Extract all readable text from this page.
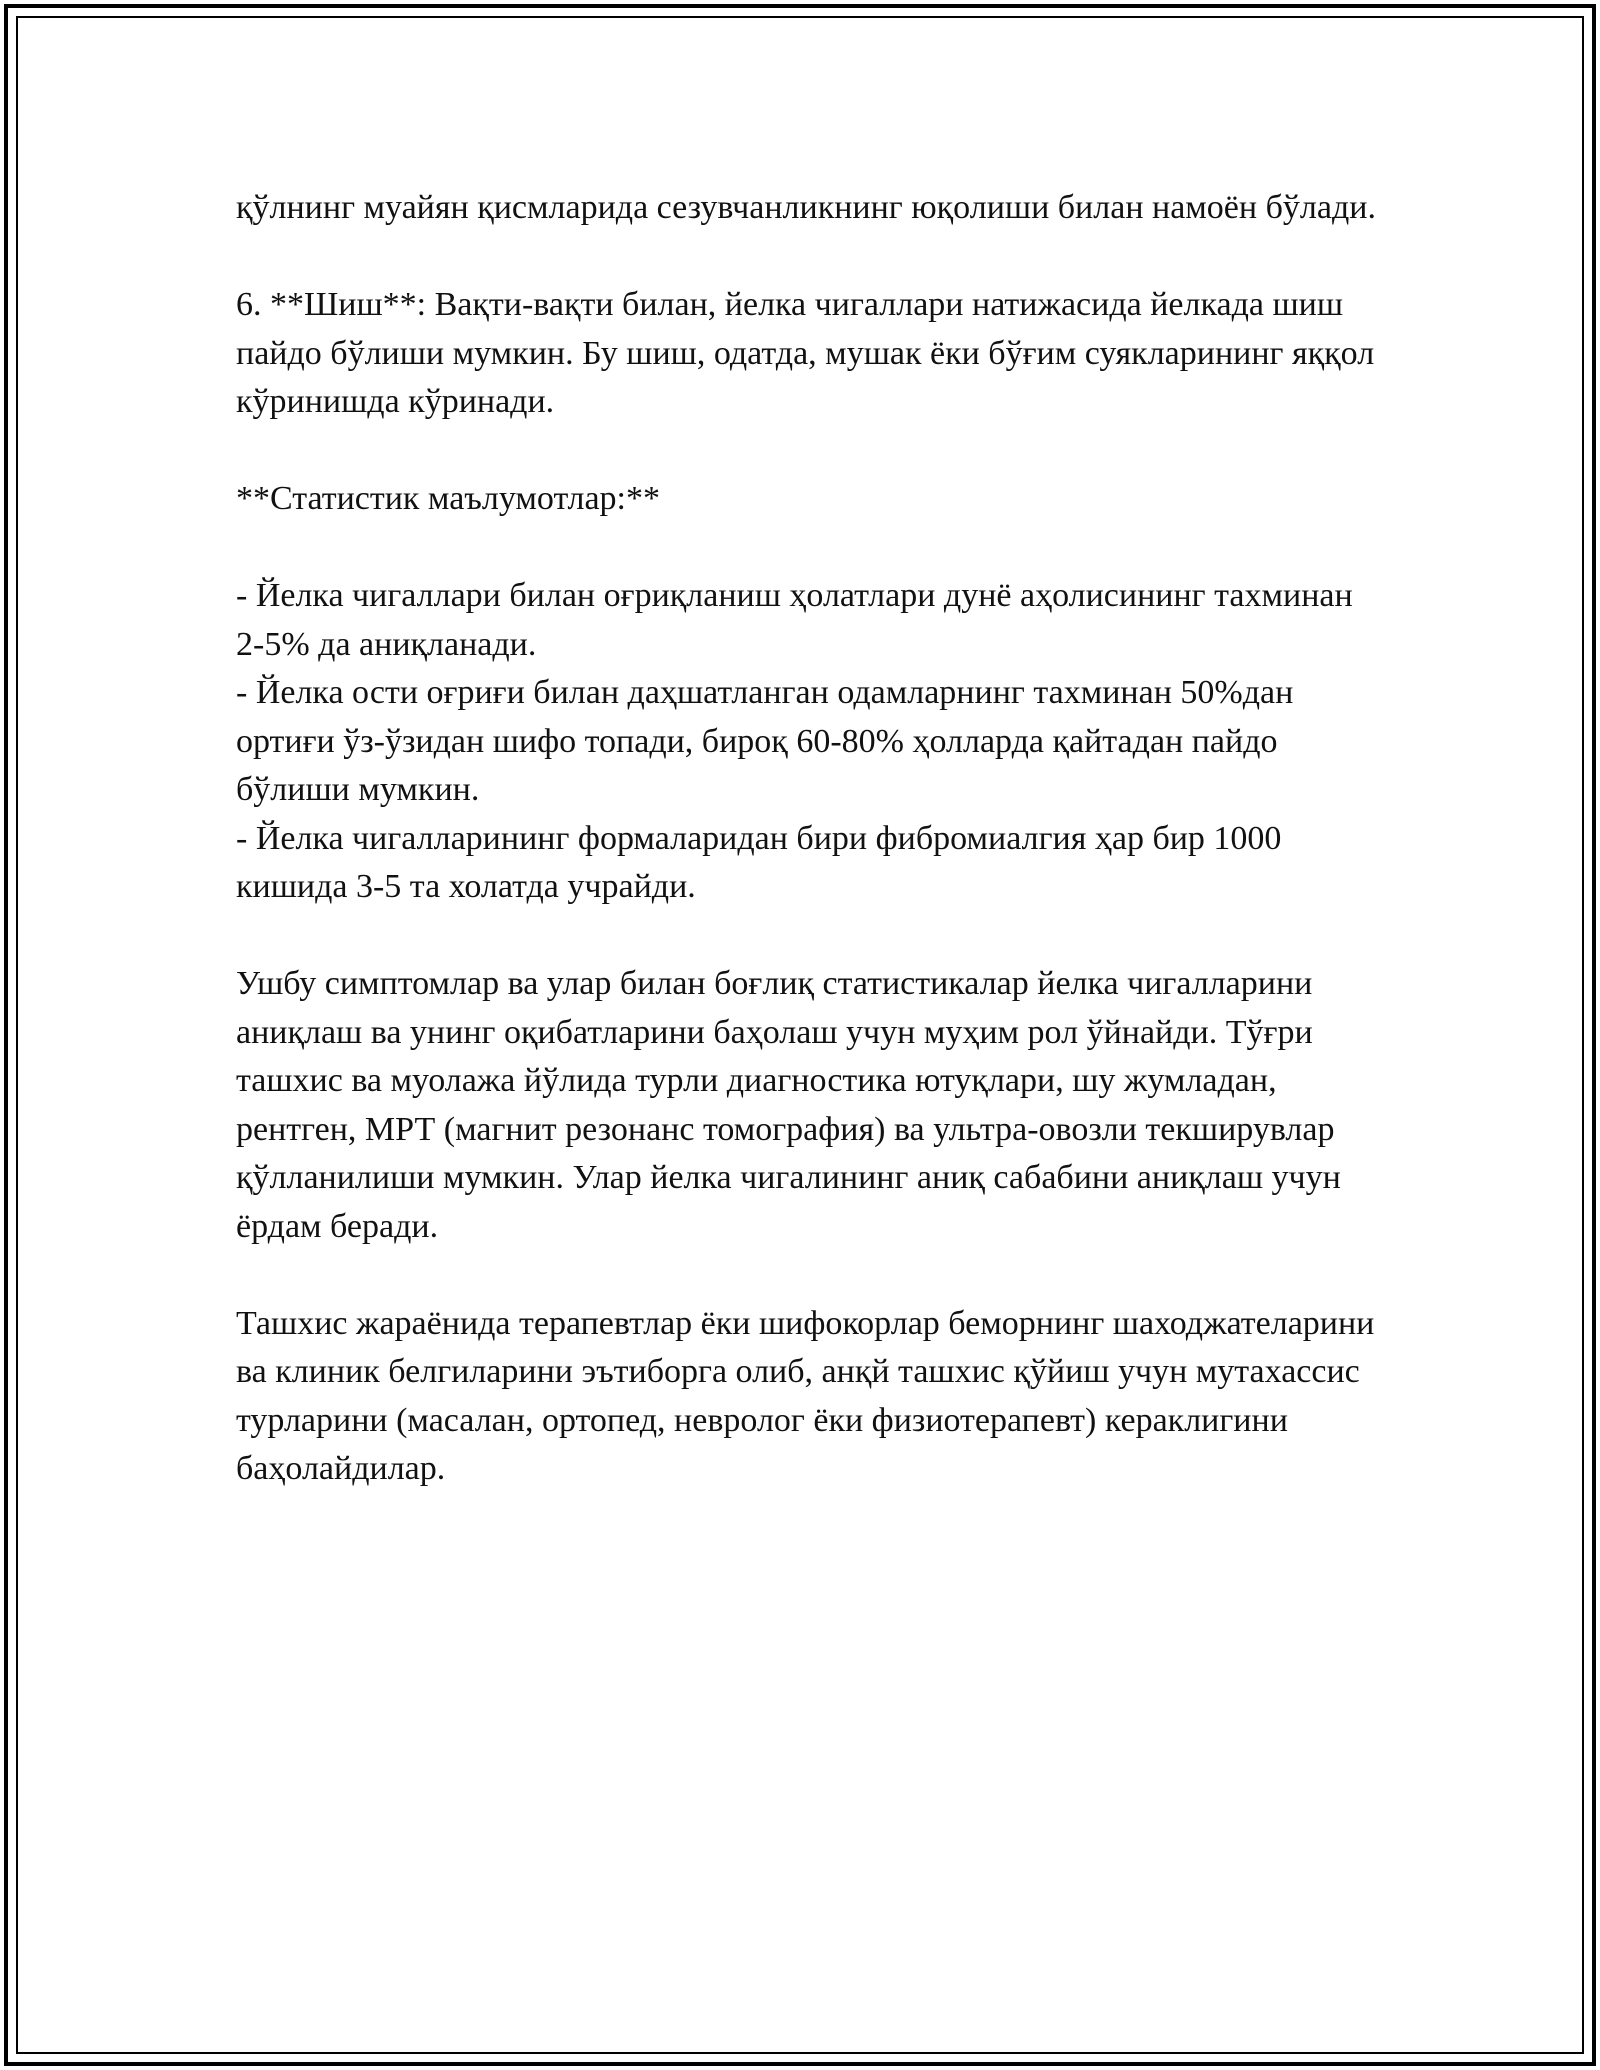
қўлнинг муайян қисмларида сезувчанликнинг юқолиши билан намоён бўлади.

6. **Шиш**: Вақти-вақти билан, йелка чигаллари натижасида йелкада шиш пайдо бўлиши мумкин. Бу шиш, одатда, мушак ёки бўғим суякларининг яққол кўринишда кўринади.

**Статистик маълумотлар:**

- Йелка чигаллари билан оғриқланиш ҳолатлари дунё аҳолисининг тахминан 2-5% да аниқланади.

- Йелка ости оғриғи билан даҳшатланган одамларнинг тахминан 50%дан ортиғи ўз-ўзидан шифо топади, бироқ 60-80% ҳолларда қайтадан пайдо бўлиши мумкин.

- Йелка чигалларининг формаларидан бири фибромиалгия ҳар бир 1000 кишида 3-5 та холатда учрайди.

Ушбу симптомлар ва улар билан боғлиқ статистикалар йелка чигалларини аниқлаш ва унинг оқибатларини баҳолаш учун муҳим рол ўйнайди. Тўғри ташхис ва муолажа йўлида турли диагностика ютуқлари, шу жумладан, рентген, МРТ (магнит резонанс томография) ва ультра-овозли текширувлар қўлланилиши мумкин. Улар йелка чигалининг аниқ сабабини аниқлаш учун ёрдам беради.

Ташхис жараёнида терапевтлар ёки шифокорлар беморнинг шаходжателарини ва клиник белгиларини эътиборга олиб, анқй ташхис қўйиш учун мутахассис турларини (масалан, ортопед, невролог ёки физиотерапевт) кераклигини баҳолайдилар.
